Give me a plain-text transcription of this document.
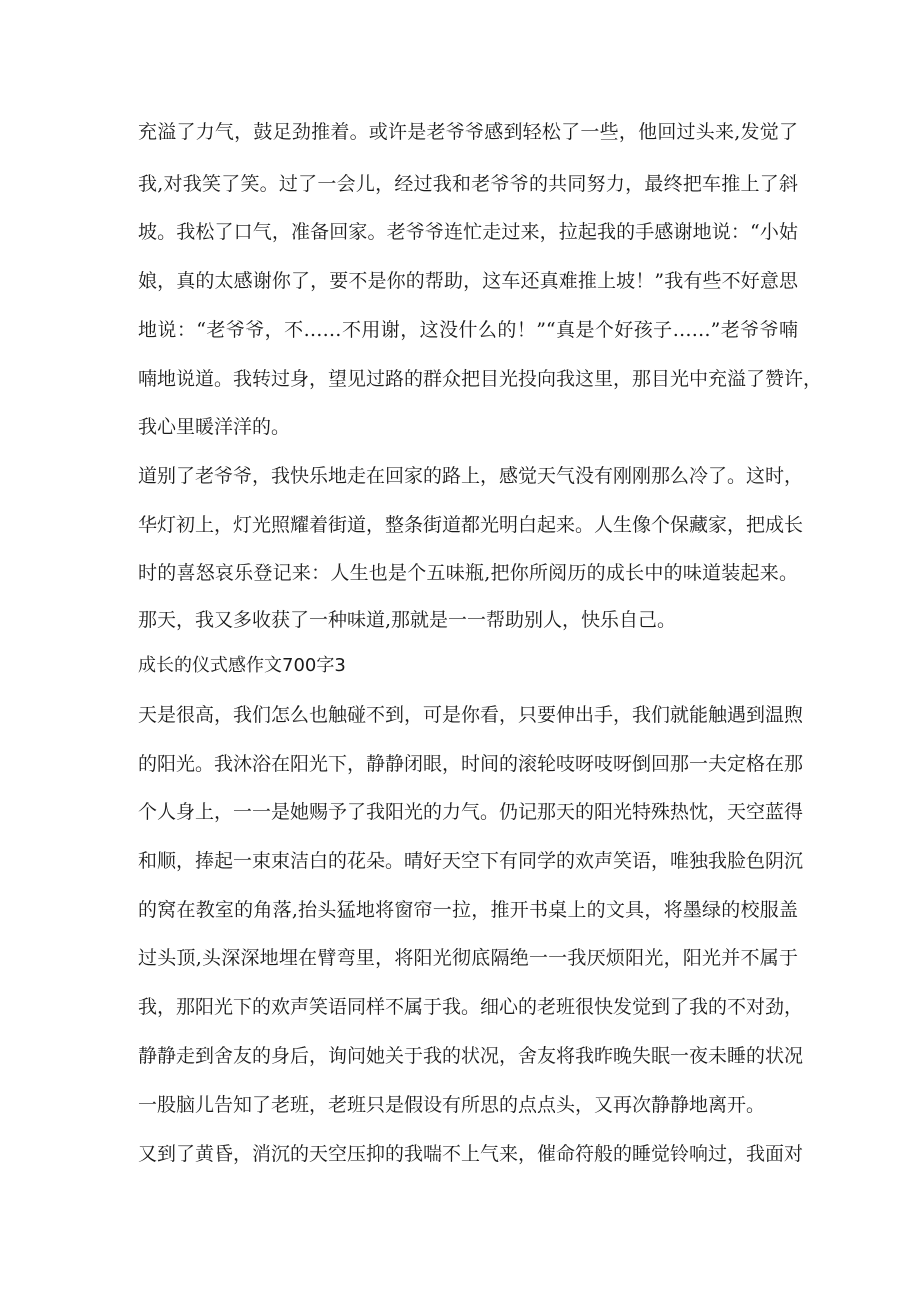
充溢了力气，鼓足劲推着。或许是老爷爷感到轻松了一些，他回过头来,发觉了
我,对我笑了笑。过了一会儿，经过我和老爷爷的共同努力，最终把车推上了斜
坡。我松了口气，准备回家。老爷爷连忙走过来，拉起我的手感谢地说：“小姑
娘，真的太感谢你了，要不是你的帮助，这车还真难推上坡！”我有些不好意思
地说：“老爷爷，不……不用谢，这没什么的！”“真是个好孩子……”老爷爷喃
喃地说道。我转过身，望见过路的群众把目光投向我这里，那目光中充溢了赞许，
我心里暖洋洋的。
道别了老爷爷，我快乐地走在回家的路上，感觉天气没有刚刚那么冷了。这时，
华灯初上，灯光照耀着街道，整条街道都光明白起来。人生像个保藏家，把成长
时的喜怒哀乐登记来：人生也是个五味瓶,把你所阅历的成长中的味道装起来。
那天，我又多收获了一种味道,那就是一一帮助别人，快乐自己。
成长的仪式感作文700字3
天是很高，我们怎么也触碰不到，可是你看，只要伸出手，我们就能触遇到温煦
的阳光。我沐浴在阳光下，静静闭眼，时间的滚轮吱呀吱呀倒回那一夫定格在那
个人身上，一一是她赐予了我阳光的力气。仍记那天的阳光特殊热忱，天空蓝得
和顺，捧起一束束洁白的花朵。晴好天空下有同学的欢声笑语，唯独我脸色阴沉
的窝在教室的角落,抬头猛地将窗帘一拉，推开书桌上的文具，将墨绿的校服盖
过头顶,头深深地埋在臂弯里，将阳光彻底隔绝一一我厌烦阳光，阳光并不属于
我，那阳光下的欢声笑语同样不属于我。细心的老班很快发觉到了我的不对劲，
静静走到舍友的身后，询问她关于我的状况，舍友将我昨晚失眠一夜未睡的状况
一股脑儿告知了老班，老班只是假设有所思的点点头，又再次静静地离开。
又到了黄昏，消沉的天空压抑的我喘不上气来，催命符般的睡觉铃响过，我面对
